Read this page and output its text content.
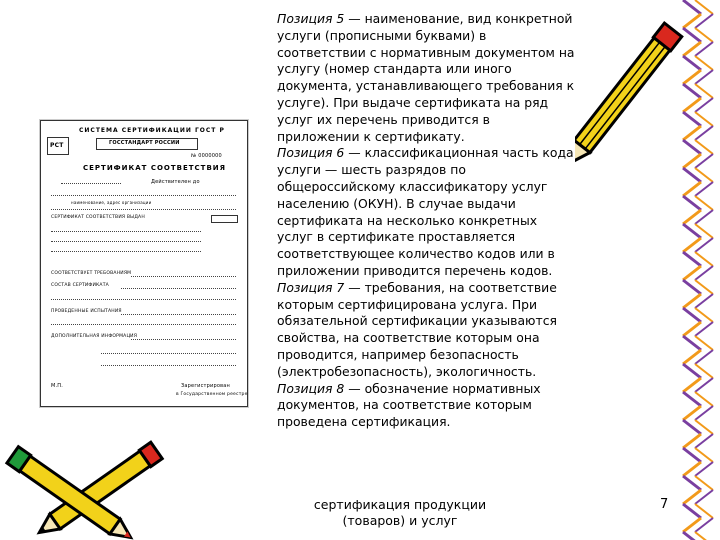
СИСТЕМА СЕРТИФИКАЦИИ ГОСТ Р
РСТ	ГОССТАНДАРТ РОССИИ
№ 0000000
СЕРТИФИКАТ СООТВЕТСТВИЯ
Действителен до
наименование, адрес организации
СЕРТИФИКАТ СООТВЕТСТВИЯ ВЫДАН
СООТВЕТСТВУЕТ ТРЕБОВАНИЯМ
СОСТАВ СЕРТИФИКАТА
ПРОВЕДЕННЫЕ ИСПЫТАНИЯ
ДОПОЛНИТЕЛЬНАЯ ИНФОРМАЦИЯ
М.П.	Зарегистрирован
в Государственном реестре

Позиция 5 — наименование, вид конкретной услуги (прописными буквами) в соответствии с нормативным документом на услугу (номер стандарта или иного документа, устанавливающего требования к услуге). При выдаче сертификата на ряд услуг их перечень приводится в приложении к сертификату.

Позиция 6 — классификационная часть кода услуги — шесть разрядов по общероссийскому классификатору услуг населению (ОКУН). В случае выдачи сертификата на несколько конкретных услуг в сертификате проставляется соответствующее количество кодов или в приложении приводится перечень кодов.

Позиция 7 — требования, на соответствие которым сертифицирована услуга. При обязательной сертификации указываются свойства, на соответствие которым она проводится, например безопасность (электробезопасность), экологичность.

Позиция 8 — обозначение нормативных документов, на соответствие которым проведена сертификация.

сертификация продукции
(товаров) и услуг
7
